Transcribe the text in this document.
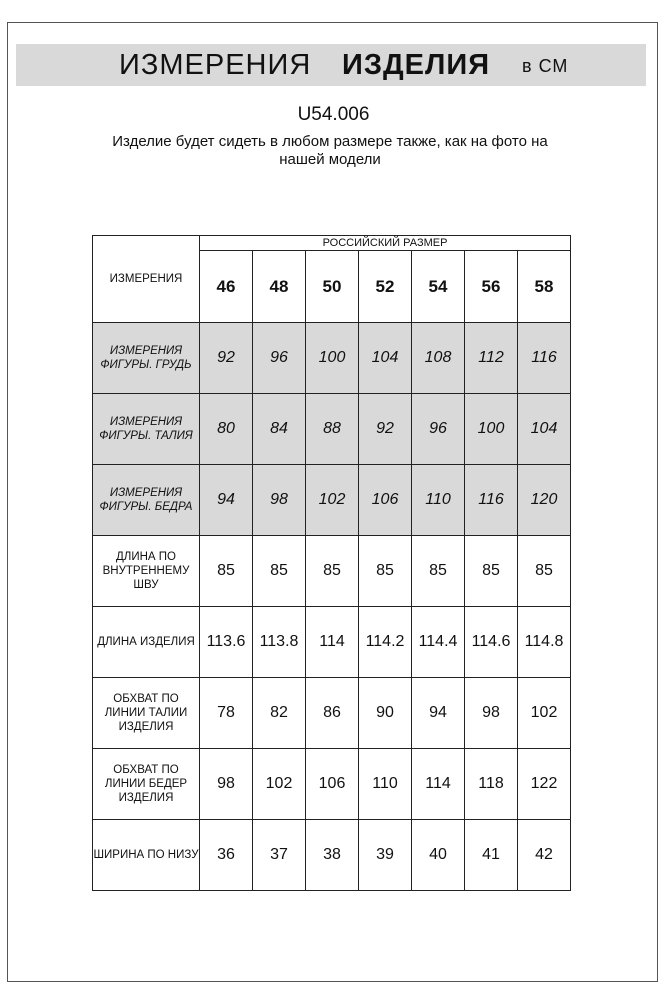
ИЗМЕРЕНИЯ ИЗДЕЛИЯ в СМ
U54.006
Изделие будет сидеть в любом размере также, как на фото на нашей модели
ИЗМЕРЕНИЯ	РОССИЙСКИЙ РАЗМЕР						
	46	48	50	52	54	56	58
ИЗМЕРЕНИЯ ФИГУРЫ. ГРУДЬ	92	96	100	104	108	112	116
ИЗМЕРЕНИЯ ФИГУРЫ. ТАЛИЯ	80	84	88	92	96	100	104
ИЗМЕРЕНИЯ ФИГУРЫ. БЕДРА	94	98	102	106	110	116	120
ДЛИНА ПО ВНУТРЕННЕМУ ШВУ	85	85	85	85	85	85	85
ДЛИНА ИЗДЕЛИЯ	113.6	113.8	114	114.2	114.4	114.6	114.8
ОБХВАТ ПО ЛИНИИ ТАЛИИ ИЗДЕЛИЯ	78	82	86	90	94	98	102
ОБХВАТ ПО ЛИНИИ БЕДЕР ИЗДЕЛИЯ	98	102	106	110	114	118	122
ШИРИНА ПО НИЗУ	36	37	38	39	40	41	42
